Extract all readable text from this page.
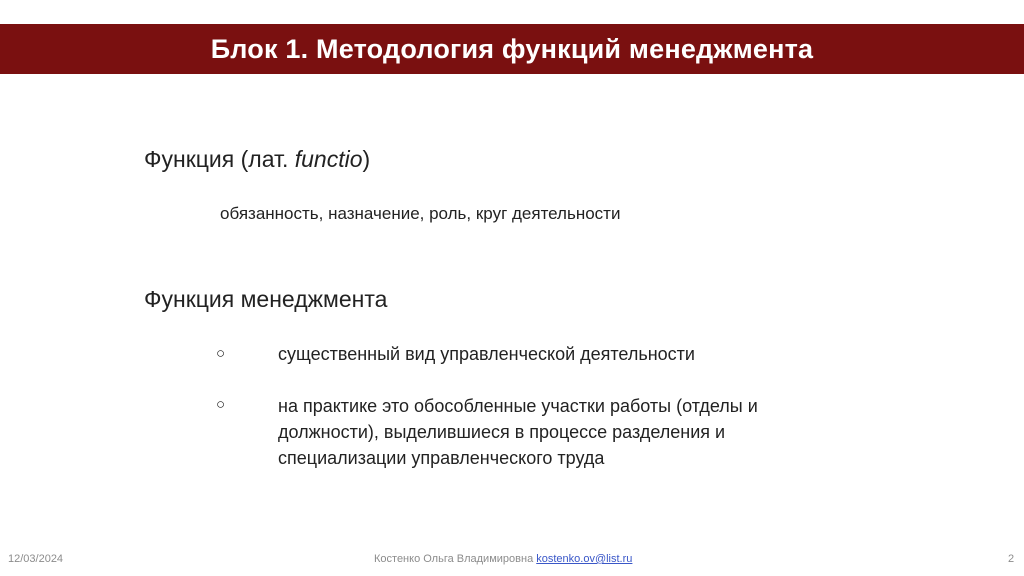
Блок 1. Методология функций менеджмента
Функция (лат. functio)
обязанность, назначение, роль, круг деятельности
Функция менеджмента
○	существенный вид управленческой деятельности
○	на практике это обособленные участки работы (отделы и должности), выделившиеся в процессе разделения и специализации управленческого труда
12/03/2024	Костенко Ольга Владимировна kostenko.ov@list.ru	2
